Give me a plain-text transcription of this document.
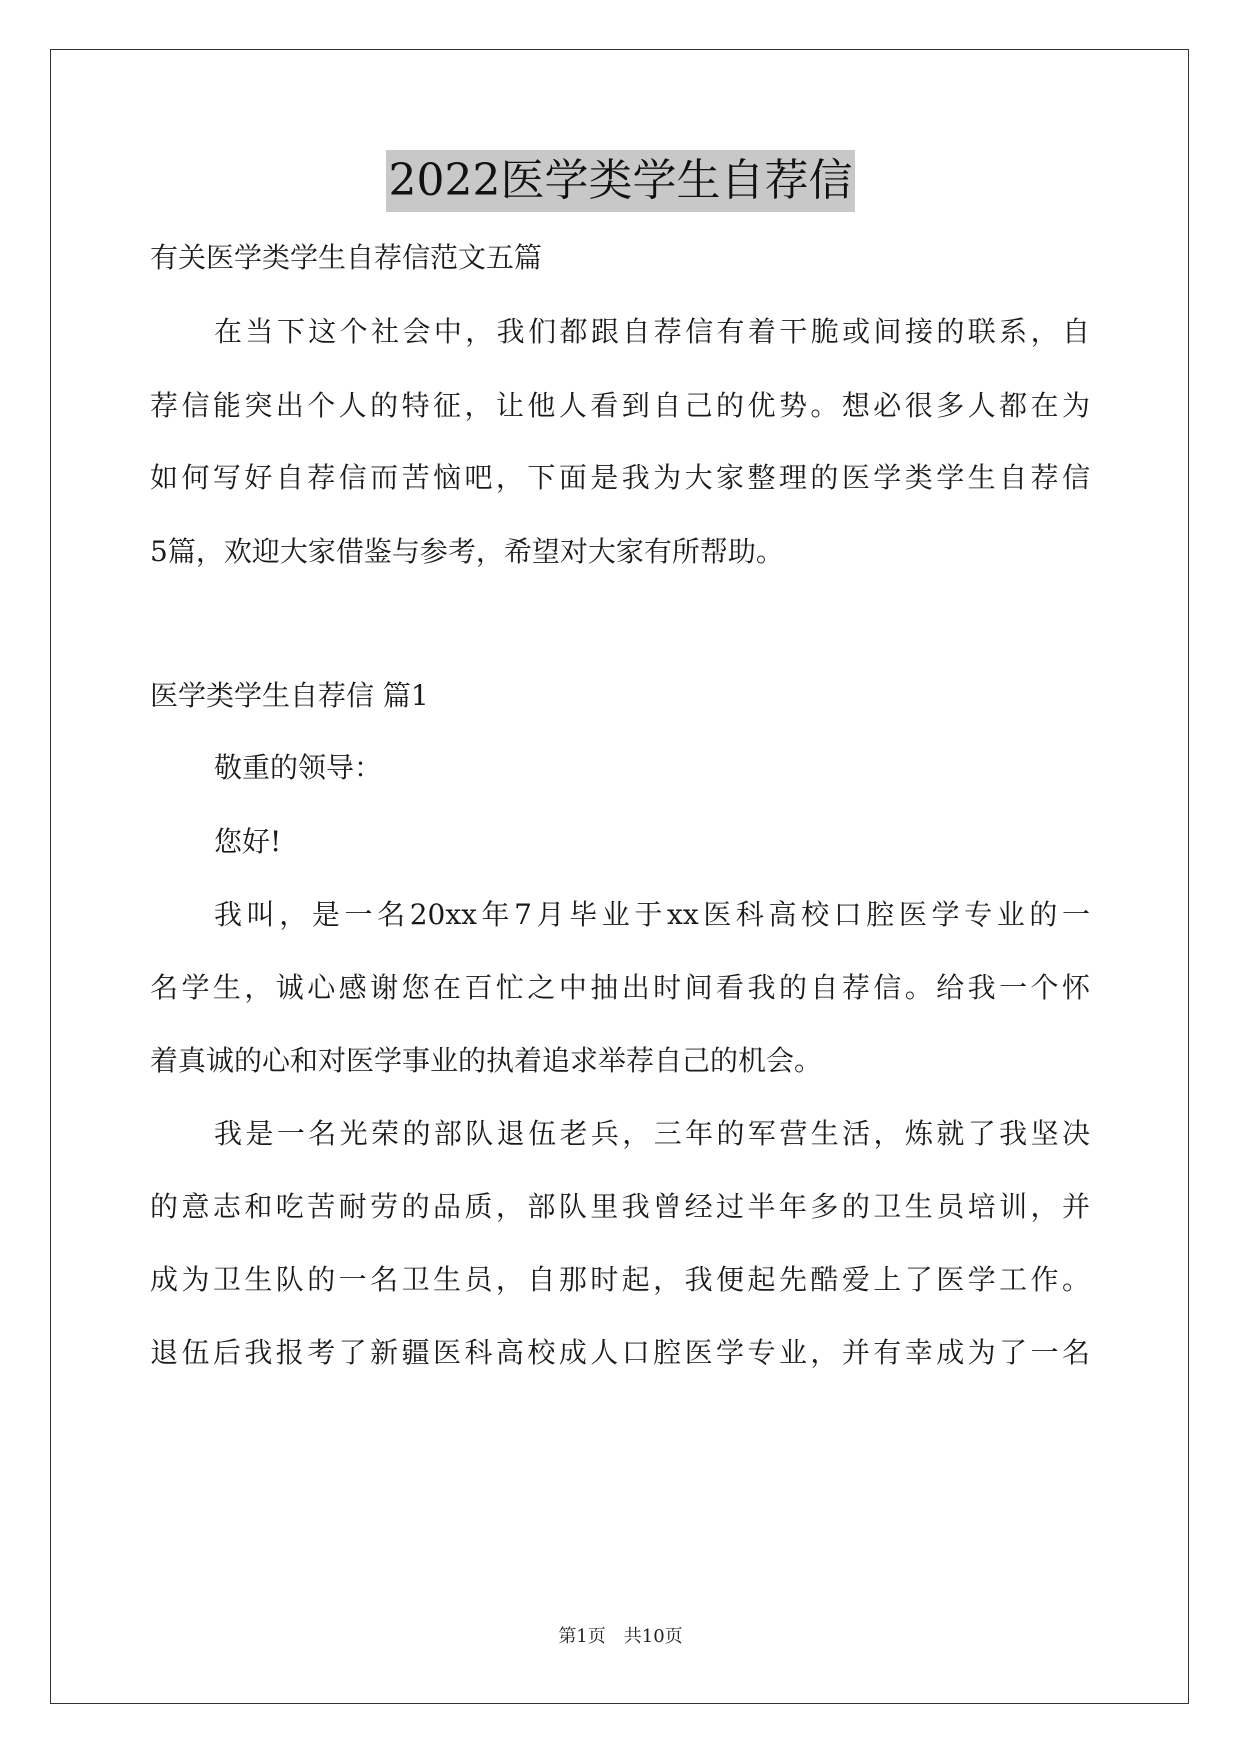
2022医学类学生自荐信
有关医学类学生自荐信范文五篇
在当下这个社会中，我们都跟自荐信有着干脆或间接的联系，自
荐信能突出个人的特征，让他人看到自己的优势。想必很多人都在为
如何写好自荐信而苦恼吧，下面是我为大家整理的医学类学生自荐信
5篇，欢迎大家借鉴与参考，希望对大家有所帮助。
医学类学生自荐信 篇1
敬重的领导：
您好!
我叫，是一名20xx年7月毕业于xx医科高校口腔医学专业的一
名学生，诚心感谢您在百忙之中抽出时间看我的自荐信。给我一个怀
着真诚的心和对医学事业的执着追求举荐自己的机会。
我是一名光荣的部队退伍老兵，三年的军营生活，炼就了我坚决
的意志和吃苦耐劳的品质，部队里我曾经过半年多的卫生员培训，并
成为卫生队的一名卫生员，自那时起，我便起先酷爱上了医学工作。
退伍后我报考了新疆医科高校成人口腔医学专业，并有幸成为了一名
第1页 共10页
